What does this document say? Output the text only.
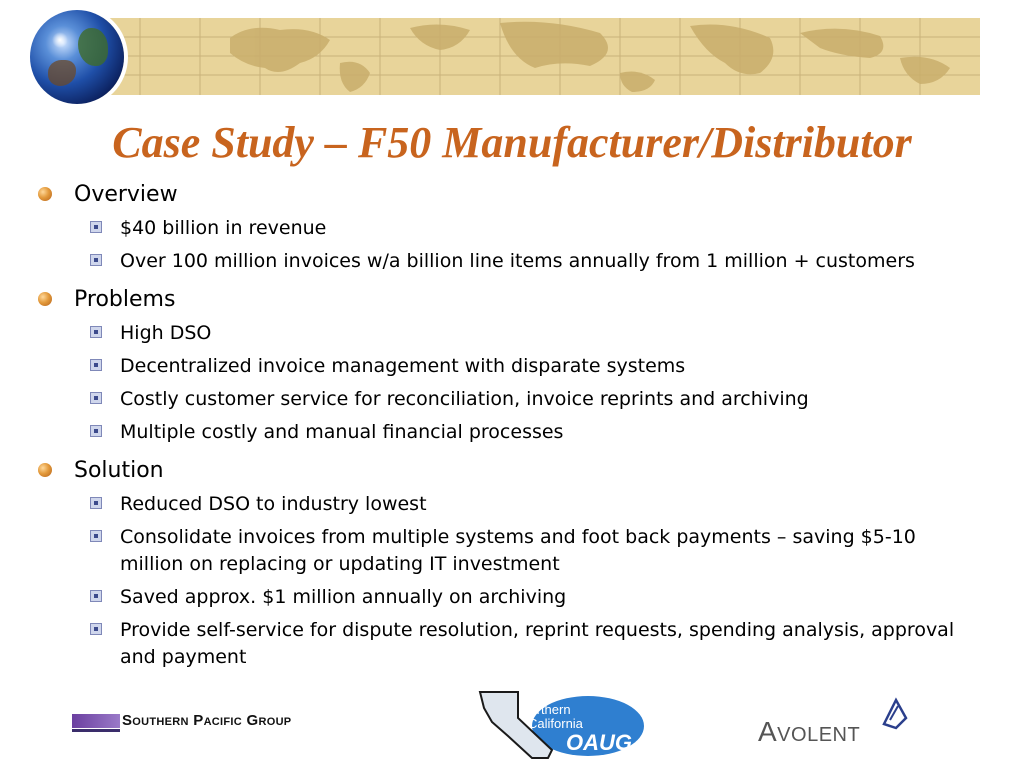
Case Study – F50 Manufacturer/Distributor
Overview
$40 billion in revenue
Over 100 million invoices w/a billion line items annually from 1 million + customers
Problems
High DSO
Decentralized invoice management with disparate systems
Costly customer service for reconciliation, invoice reprints and archiving
Multiple costly and manual financial processes
Solution
Reduced DSO to industry lowest
Consolidate invoices from multiple systems and foot back payments – saving $5-10 million on replacing or updating IT investment
Saved approx. $1 million annually on archiving
Provide self-service for dispute resolution, reprint requests, spending analysis, approval and payment
Southern Pacific Group
Northern
California
OAUG	Avolent
